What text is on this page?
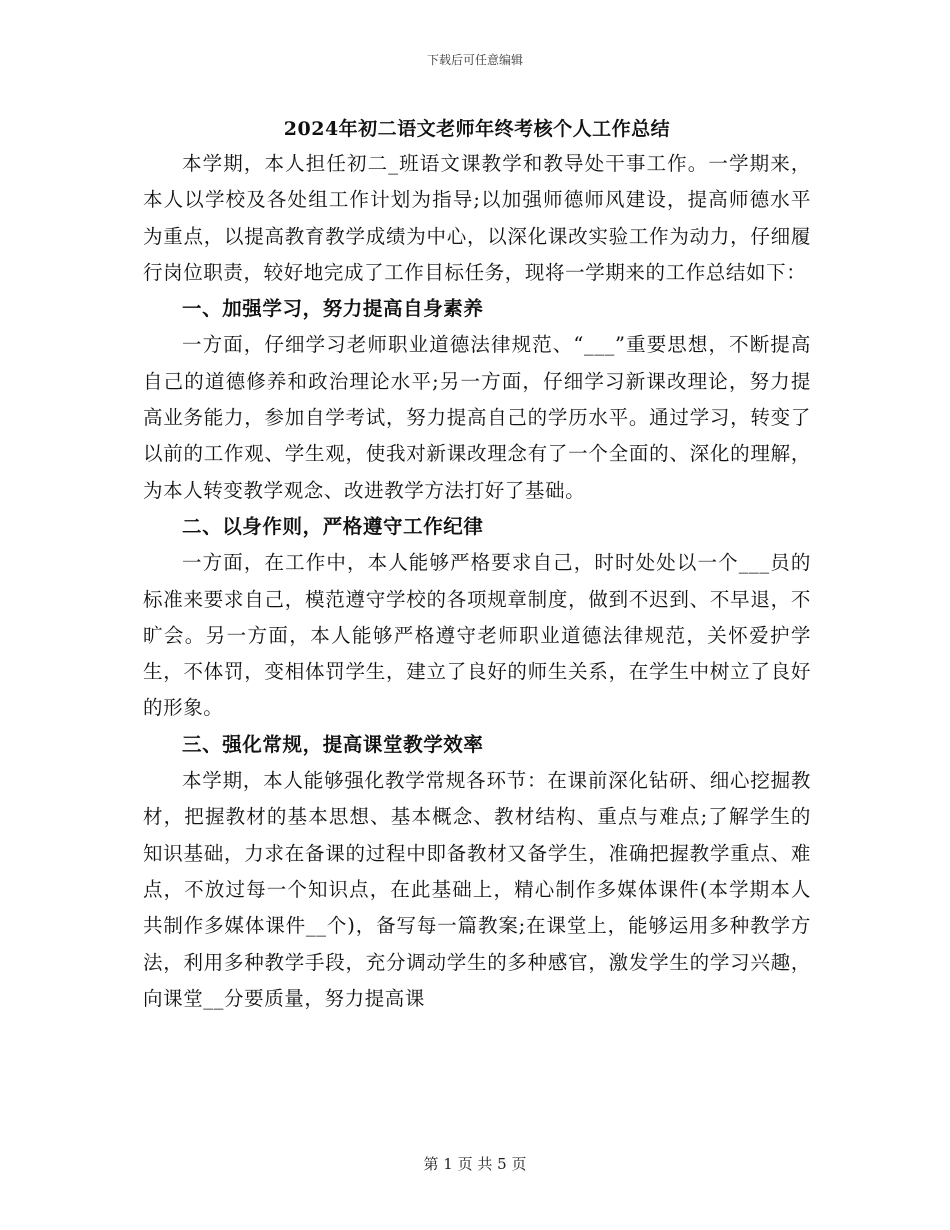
下载后可任意编辑
2024年初二语文老师年终考核个人工作总结

本学期，本人担任初二_班语文课教学和教导处干事工作。一学期来，本人以学校及各处组工作计划为指导;以加强师德师风建设，提高师德水平为重点，以提高教育教学成绩为中心，以深化课改实验工作为动力，仔细履行岗位职责，较好地完成了工作目标任务，现将一学期来的工作总结如下：

一、加强学习，努力提高自身素养

一方面，仔细学习老师职业道德法律规范、“___”重要思想，不断提高自己的道德修养和政治理论水平;另一方面，仔细学习新课改理论，努力提高业务能力，参加自学考试，努力提高自己的学历水平。通过学习，转变了以前的工作观、学生观，使我对新课改理念有了一个全面的、深化的理解，为本人转变教学观念、改进教学方法打好了基础。

二、以身作则，严格遵守工作纪律

一方面，在工作中，本人能够严格要求自己，时时处处以一个___员的标准来要求自己，模范遵守学校的各项规章制度，做到不迟到、不早退，不旷会。另一方面，本人能够严格遵守老师职业道德法律规范，关怀爱护学生，不体罚，变相体罚学生，建立了良好的师生关系，在学生中树立了良好的形象。

三、强化常规，提高课堂教学效率

本学期，本人能够强化教学常规各环节：在课前深化钻研、细心挖掘教材，把握教材的基本思想、基本概念、教材结构、重点与难点;了解学生的知识基础，力求在备课的过程中即备教材又备学生，准确把握教学重点、难点，不放过每一个知识点，在此基础上，精心制作多媒体课件(本学期本人共制作多媒体课件__个)，备写每一篇教案;在课堂上，能够运用多种教学方法，利用多种教学手段，充分调动学生的多种感官，激发学生的学习兴趣，向课堂__分要质量，努力提高课

第 1 页 共 5 页
